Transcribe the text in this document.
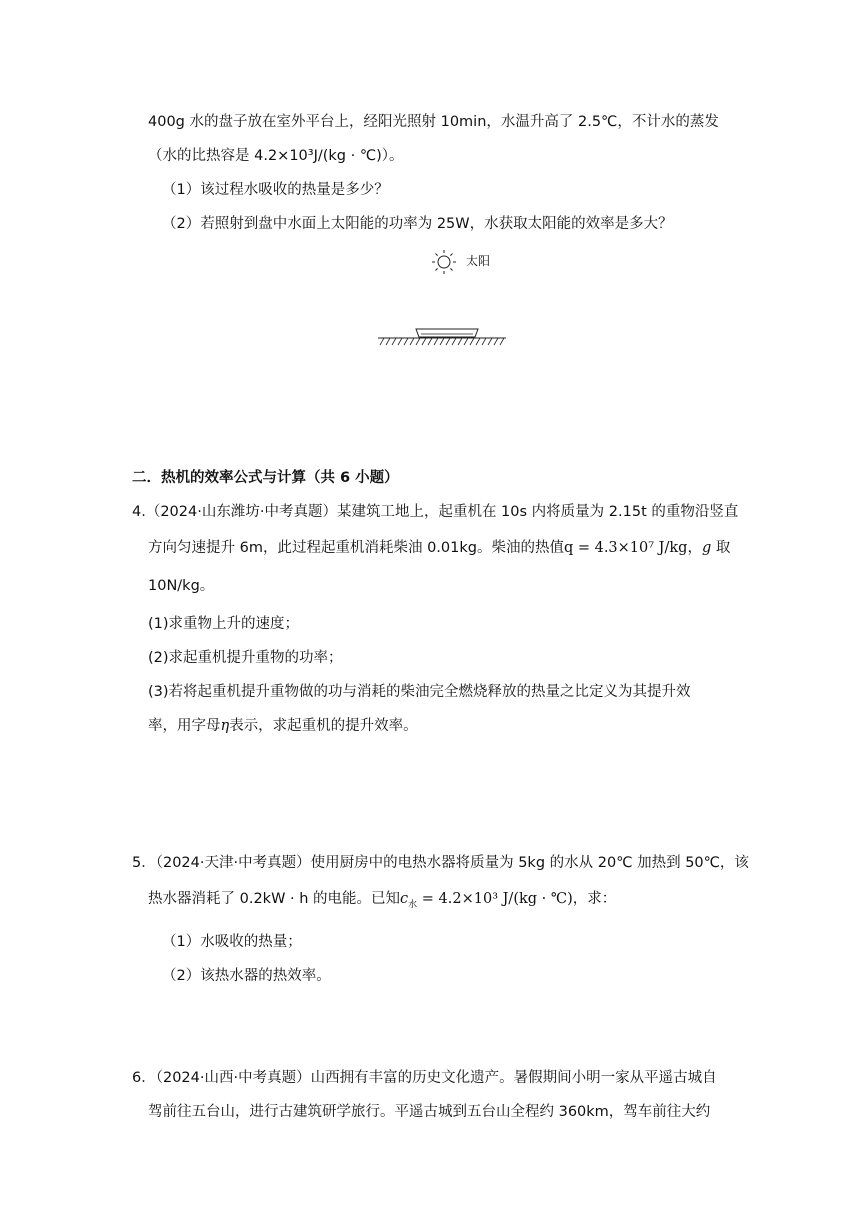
400g 水的盘子放在室外平台上，经阳光照射 10min，水温升高了 2.5℃，不计水的蒸发
（水的比热容是 4.2×10³J/(kg · ℃)）。
（1）该过程水吸收的热量是多少？
（2）若照射到盘中水面上太阳能的功率为 25W，水获取太阳能的效率是多大？
太阳
二．热机的效率公式与计算（共 6 小题）
4.（2024·山东潍坊·中考真题）某建筑工地上，起重机在 10s 内将质量为 2.15t 的重物沿竖直
方向匀速提升 6m，此过程起重机消耗柴油 0.01kg。柴油的热值q = 4.3×10⁷ J/kg，g 取
10N/kg。
(1)求重物上升的速度；
(2)求起重机提升重物的功率；
(3)若将起重机提升重物做的功与消耗的柴油完全燃烧释放的热量之比定义为其提升效
率，用字母η表示，求起重机的提升效率。
5．（2024·天津·中考真题）使用厨房中的电热水器将质量为 5kg 的水从 20℃ 加热到 50℃，该
热水器消耗了 0.2kW · h 的电能。已知$c_水 = 4.2\times 10^3$ J/(kg · ℃)，求：
（1）水吸收的热量；
（2）该热水器的热效率。
6．（2024·山西·中考真题）山西拥有丰富的历史文化遗产。暑假期间小明一家从平遥古城自
驾前往五台山，进行古建筑研学旅行。平遥古城到五台山全程约 360km，驾车前往大约
